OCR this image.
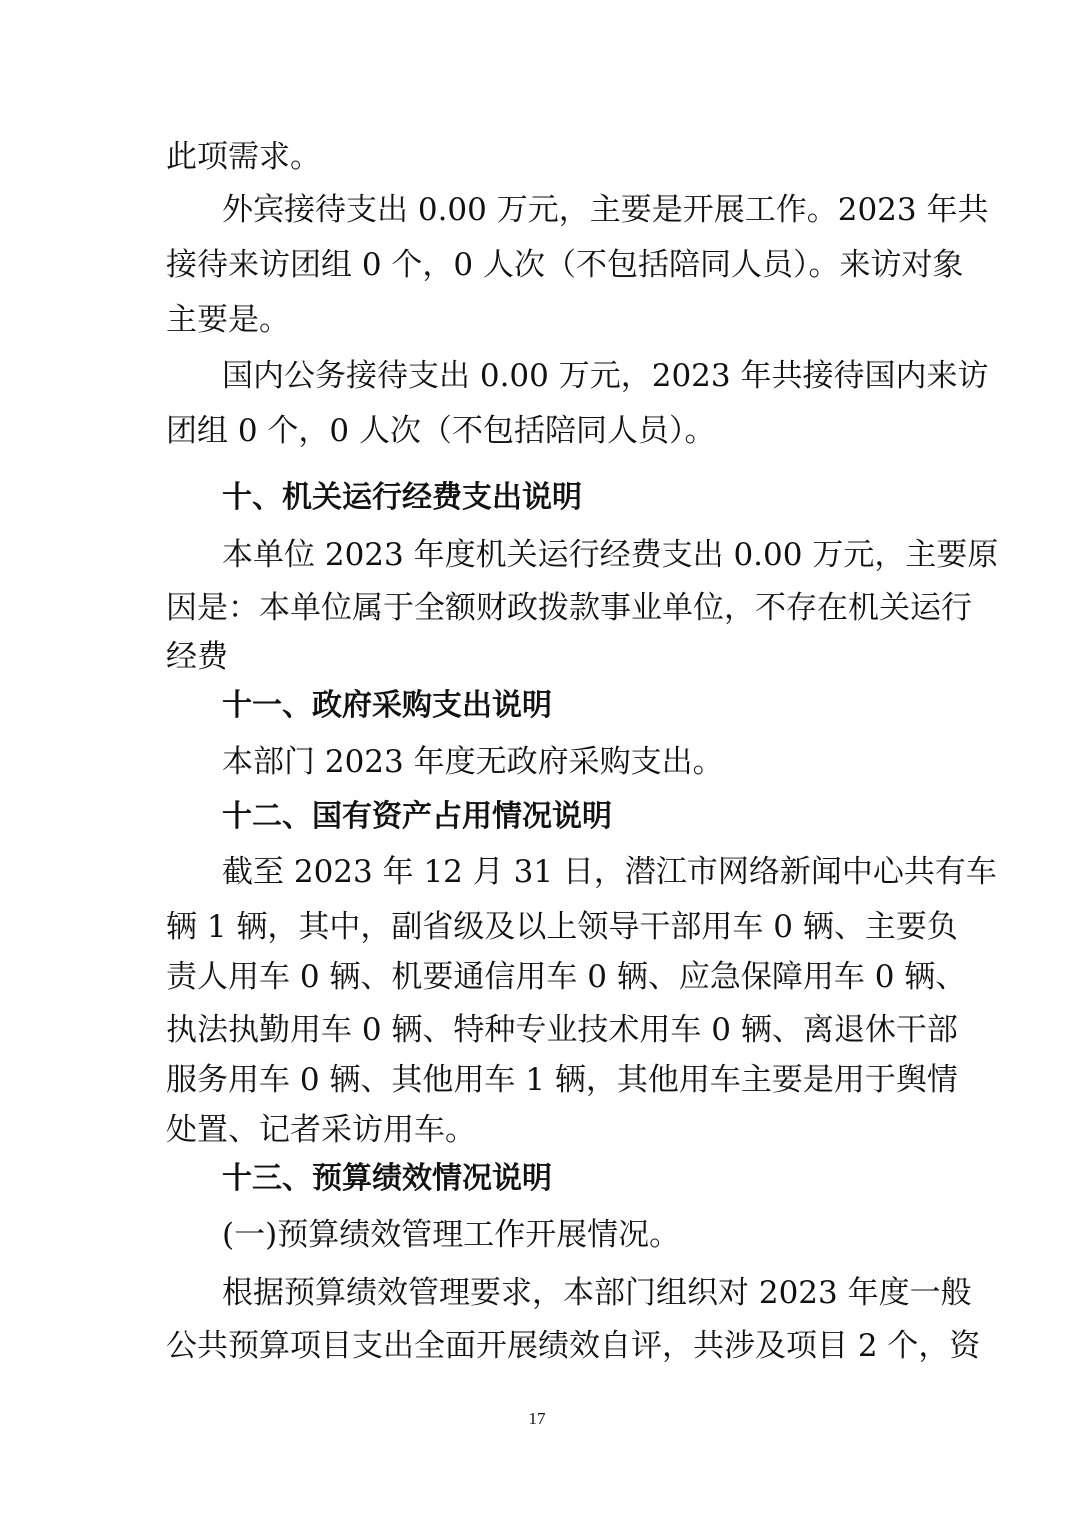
此项需求。
外宾接待支出 0.00 万元，主要是开展工作。2023 年共
接待来访团组 0 个，0 人次（不包括陪同人员）。来访对象
主要是。
国内公务接待支出 0.00 万元，2023 年共接待国内来访
团组 0 个，0 人次（不包括陪同人员）。
十、机关运行经费支出说明
本单位 2023 年度机关运行经费支出 0.00 万元，主要原
因是：本单位属于全额财政拨款事业单位，不存在机关运行
经费
十一、政府采购支出说明
本部门 2023 年度无政府采购支出。
十二、国有资产占用情况说明
截至 2023 年 12 月 31 日，潜江市网络新闻中心共有车
辆 1 辆，其中，副省级及以上领导干部用车 0 辆、主要负
责人用车 0 辆、机要通信用车 0 辆、应急保障用车 0 辆、
执法执勤用车 0 辆、特种专业技术用车 0 辆、离退休干部
服务用车 0 辆、其他用车 1 辆，其他用车主要是用于舆情
处置、记者采访用车。
十三、预算绩效情况说明
(一)预算绩效管理工作开展情况。
根据预算绩效管理要求，本部门组织对 2023 年度一般
公共预算项目支出全面开展绩效自评，共涉及项目 2 个，资
17
